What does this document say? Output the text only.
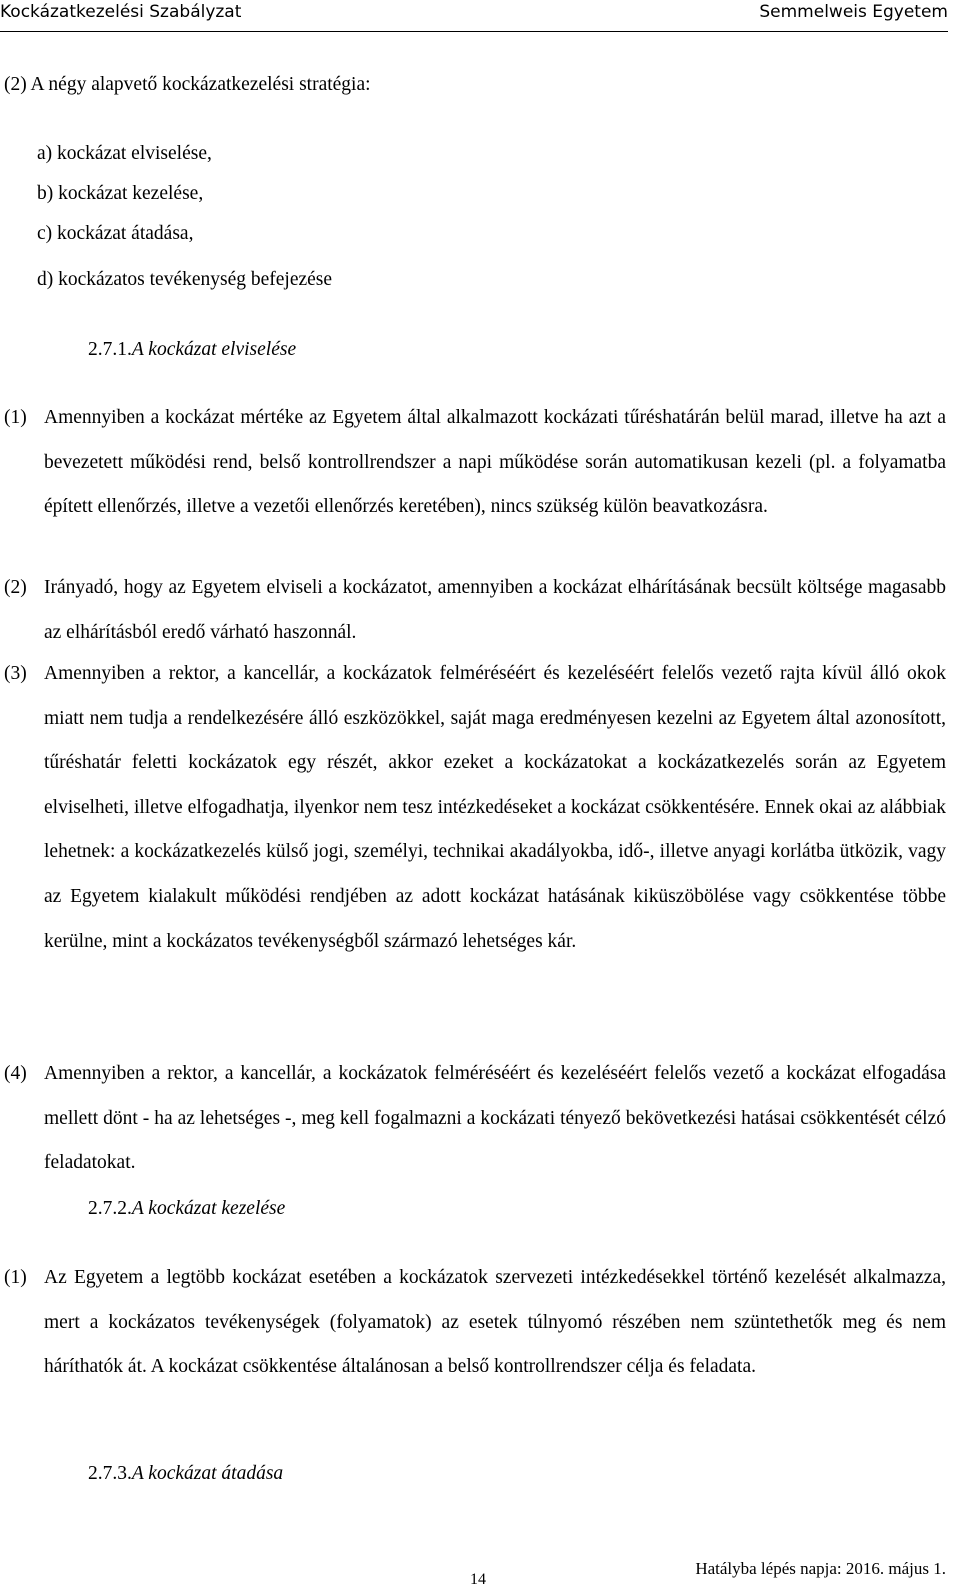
Kockázatkezelési Szabályzat	Semmelweis Egyetem
(2) A négy alapvető kockázatkezelési stratégia:
a) kockázat elviselése,
b) kockázat kezelése,
c) kockázat átadása,
d) kockázatos tevékenység befejezése
2.7.1.A kockázat elviselése
(1) Amennyiben a kockázat mértéke az Egyetem által alkalmazott kockázati tűréshatárán belül marad, illetve ha azt a bevezetett működési rend, belső kontrollrendszer a napi működése során automatikusan kezeli (pl. a folyamatba épített ellenőrzés, illetve a vezetői ellenőrzés keretében), nincs szükség külön beavatkozásra.
(2) Irányadó, hogy az Egyetem elviseli a kockázatot, amennyiben a kockázat elhárításának becsült költsége magasabb az elhárításból eredő várható haszonnál.
(3) Amennyiben a rektor, a kancellár, a kockázatok felméréséért és kezeléséért felelős vezető rajta kívül álló okok miatt nem tudja a rendelkezésére álló eszközökkel, saját maga eredményesen kezelni az Egyetem által azonosított, tűréshatár feletti kockázatok egy részét, akkor ezeket a kockázatokat a kockázatkezelés során az Egyetem elviselheti, illetve elfogadhatja, ilyenkor nem tesz intézkedéseket a kockázat csökkentésére. Ennek okai az alábbiak lehetnek: a kockázatkezelés külső jogi, személyi, technikai akadályokba, idő-, illetve anyagi korlátba ütközik, vagy az Egyetem kialakult működési rendjében az adott kockázat hatásának kiküszöbölése vagy csökkentése többe kerülne, mint a kockázatos tevékenységből származó lehetséges kár.
(4) Amennyiben a rektor, a kancellár, a kockázatok felméréséért és kezeléséért felelős vezető a kockázat elfogadása mellett dönt - ha az lehetséges -, meg kell fogalmazni a kockázati tényező bekövetkezési hatásai csökkentését célzó feladatokat.
2.7.2.A kockázat kezelése
(1) Az Egyetem a legtöbb kockázat esetében a kockázatok szervezeti intézkedésekkel történő kezelését alkalmazza, mert a kockázatos tevékenységek (folyamatok) az esetek túlnyomó részében nem szüntethetők meg és nem háríthatók át. A kockázat csökkentése általánosan a belső kontrollrendszer célja és feladata.
2.7.3.A kockázat átadása
Hatályba lépés napja: 2016. május 1.
14
